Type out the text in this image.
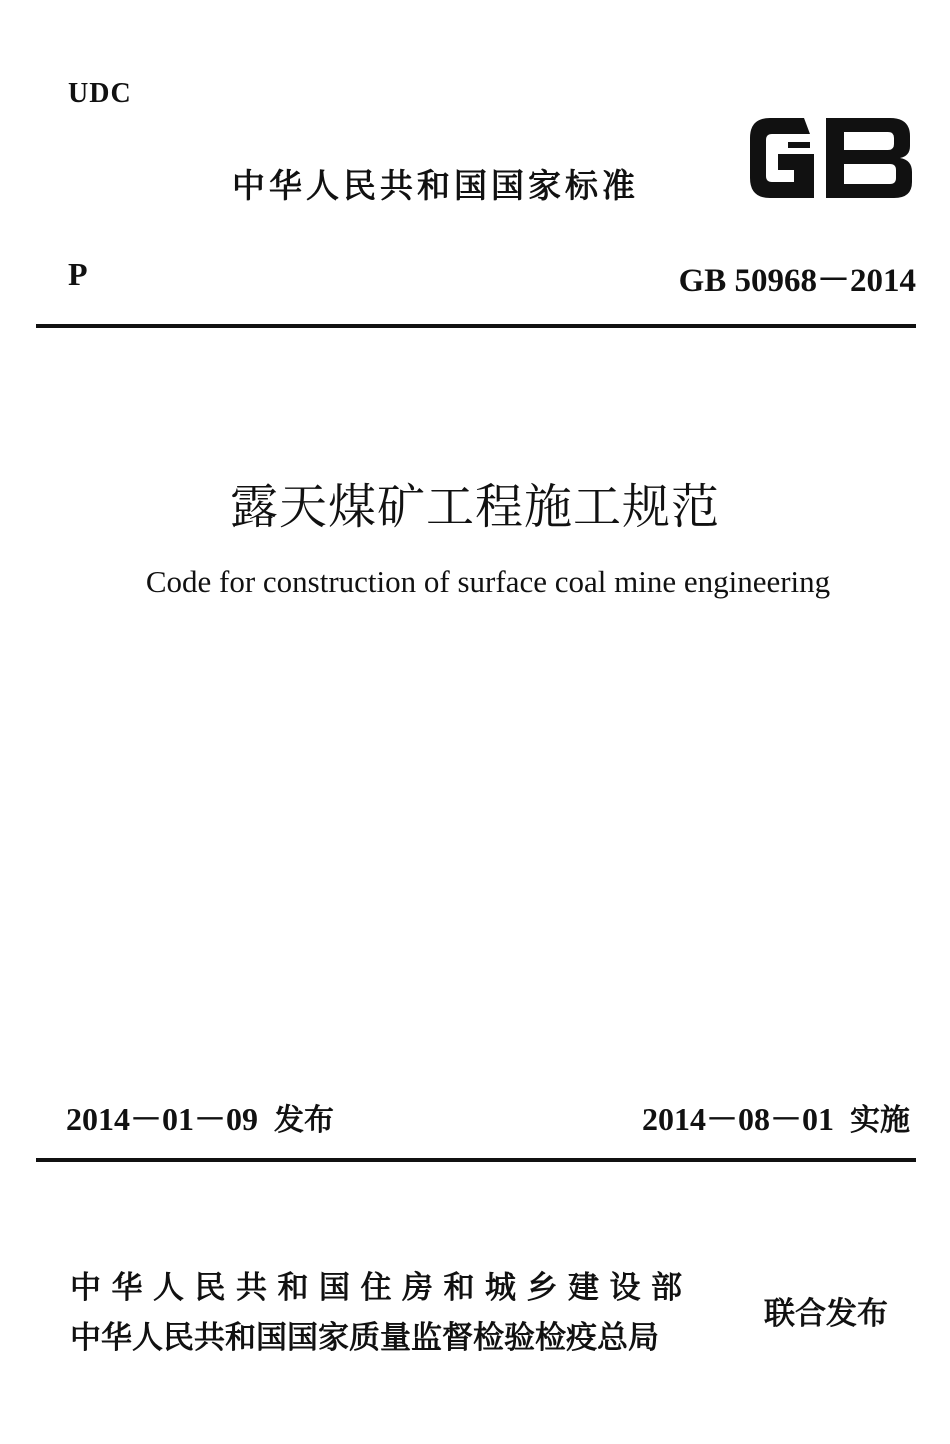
UDC
中华人民共和国国家标准
GB
P	GB 50968－2014
露天煤矿工程施工规范
Code for construction of surface coal mine engineering
2014－01－09 发布	2014－08－01 实施
中华人民共和国住房和城乡建设部
中华人民共和国国家质量监督检验检疫总局
联合发布
